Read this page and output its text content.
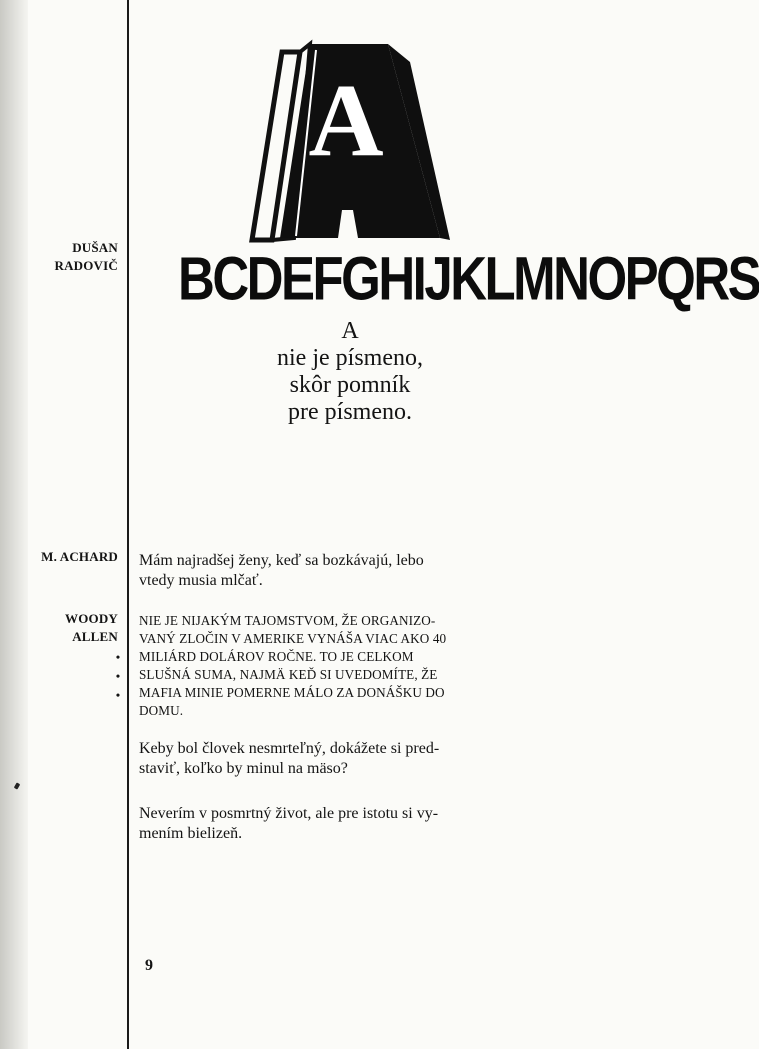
DUŠAN
RADOVIČ
A
BCDEFGHIJKLMNOPQRS
A
nie je písmeno,
skôr pomník
pre písmeno.
M. ACHARD Mám najradšej ženy, keď sa bozkávajú, lebo
vtedy musia mlčať.
WOODY
ALLEN
•
•
•
NIE JE NIJAKÝM TAJOMSTVOM, ŽE ORGANIZO-
VANÝ ZLOČIN V AMERIKE VYNÁŠA VIAC AKO 40
MILIÁRD DOLÁROV ROČNE. TO JE CELKOM
SLUŠNÁ SUMA, NAJMÄ KEĎ SI UVEDOMÍTE, ŽE
MAFIA MINIE POMERNE MÁLO ZA DONÁŠKU DO
DOMU.
Keby bol človek nesmrteľný, dokážete si pred-
staviť, koľko by minul na mäso?
Neverím v posmrtný život, ale pre istotu si vy-
mením bielizeň.
9
